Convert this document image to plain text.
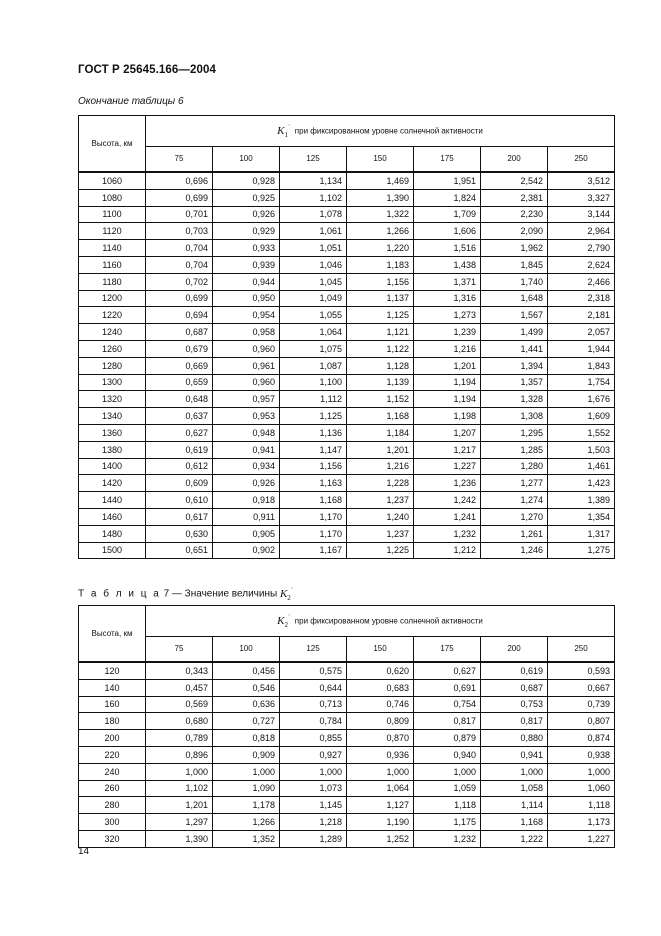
ГОСТ Р 25645.166—2004
Окончание таблицы 6
Высота, км	$K_1^`$ при фиксированном уровне солнечной активности						
	75	100	125	150	175	200	250
1060	0,696	0,928	1,134	1,469	1,951	2,542	3,512
1080	0,699	0,925	1,102	1,390	1,824	2,381	3,327
1100	0,701	0,926	1,078	1,322	1,709	2,230	3,144
1120	0,703	0,929	1,061	1,266	1,606	2,090	2,964
1140	0,704	0,933	1,051	1,220	1,516	1,962	2,790
1160	0,704	0,939	1,046	1,183	1,438	1,845	2,624
1180	0,702	0,944	1,045	1,156	1,371	1,740	2,466
1200	0,699	0,950	1,049	1,137	1,316	1,648	2,318
1220	0,694	0,954	1,055	1,125	1,273	1,567	2,181
1240	0,687	0,958	1,064	1,121	1,239	1,499	2,057
1260	0,679	0,960	1,075	1,122	1,216	1,441	1,944
1280	0,669	0,961	1,087	1,128	1,201	1,394	1,843
1300	0,659	0,960	1,100	1,139	1,194	1,357	1,754
1320	0,648	0,957	1,112	1,152	1,194	1,328	1,676
1340	0,637	0,953	1,125	1,168	1,198	1,308	1,609
1360	0,627	0,948	1,136	1,184	1,207	1,295	1,552
1380	0,619	0,941	1,147	1,201	1,217	1,285	1,503
1400	0,612	0,934	1,156	1,216	1,227	1,280	1,461
1420	0,609	0,926	1,163	1,228	1,236	1,277	1,423
1440	0,610	0,918	1,168	1,237	1,242	1,274	1,389
1460	0,617	0,911	1,170	1,240	1,241	1,270	1,354
1480	0,630	0,905	1,170	1,237	1,232	1,261	1,317
1500	0,651	0,902	1,167	1,225	1,212	1,246	1,275
Т а б л и ц а 7 — Значение величины $K_2^`$
Высота, км	$K_2^`$ при фиксированном уровне солнечной активности						
	75	100	125	150	175	200	250
120	0,343	0,456	0,575	0,620	0,627	0,619	0,593
140	0,457	0,546	0,644	0,683	0,691	0,687	0,667
160	0,569	0,636	0,713	0,746	0,754	0,753	0,739
180	0,680	0,727	0,784	0,809	0,817	0,817	0,807
200	0,789	0,818	0,855	0,870	0,879	0,880	0,874
220	0,896	0,909	0,927	0,936	0,940	0,941	0,938
240	1,000	1,000	1,000	1,000	1,000	1,000	1,000
260	1,102	1,090	1,073	1,064	1,059	1,058	1,060
280	1,201	1,178	1,145	1,127	1,118	1,114	1,118
300	1,297	1,266	1,218	1,190	1,175	1,168	1,173
320	1,390	1,352	1,289	1,252	1,232	1,222	1,227
14
